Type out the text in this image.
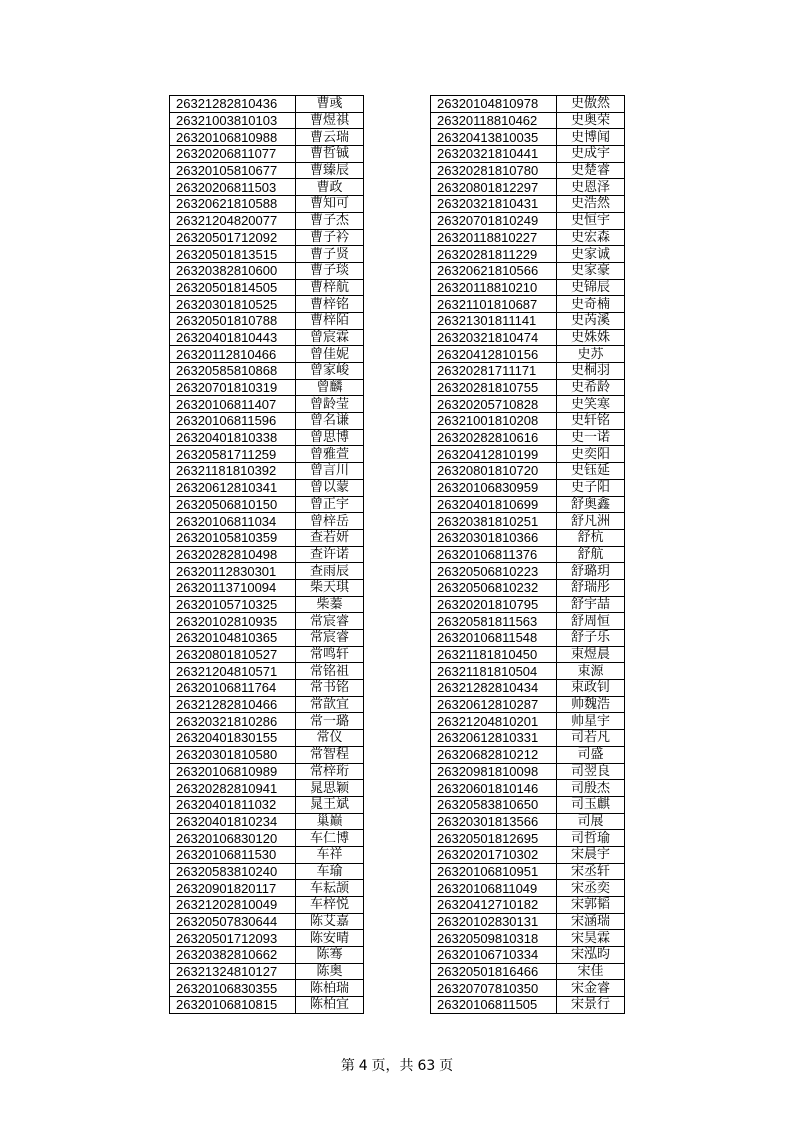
26321282810436	曹彧
26321003810103	曹煜祺
26320106810988	曹云瑞
26320206811077	曹哲铖
26320105810677	曹臻辰
26320206811503	曹政
26320621810588	曹知可
26321204820077	曹子杰
26320501712092	曹子衿
26320501813515	曹子贤
26320382810600	曹子琰
26320501814505	曹梓航
26320301810525	曹梓铭
26320501810788	曹梓陌
26320401810443	曾宸霖
26320112810466	曾佳妮
26320585810868	曾家峻
26320701810319	曾麟
26320106811407	曾龄莹
26320106811596	曾名谦
26320401810338	曾思博
26320581711259	曾雅萱
26321181810392	曾言川
26320612810341	曾以蒙
26320506810150	曾正宇
26320106811034	曾梓岳
26320105810359	查若妍
26320282810498	查许诺
26320112830301	查雨辰
26320113710094	柴天琪
26320105710325	柴蓁
26320102810935	常宸睿
26320104810365	常宸睿
26320801810527	常鸣轩
26321204810571	常铭祖
26320106811764	常书铭
26321282810466	常歆宜
26320321810286	常一璐
26320401830155	常仪
26320301810580	常智程
26320106810989	常梓珩
26320282810941	晁思颖
26320401811032	晁王斌
26320401810234	巢巅
26320106830120	车仁博
26320106811530	车祥
26320583810240	车瑜
26320901820117	车耘颉
26321202810049	车梓悦
26320507830644	陈艾嘉
26320501712093	陈安晴
26320382810662	陈骞
26321324810127	陈奥
26320106830355	陈柏瑞
26320106810815	陈柏宜
26320104810978	史傲然
26320118810462	史奥荣
26320413810035	史博闻
26320321810441	史成宇
26320281810780	史楚睿
26320801812297	史恩泽
26320321810431	史浩然
26320701810249	史恒宇
26320118810227	史宏森
26320281811229	史家诚
26320621810566	史家豪
26320118810210	史锦辰
26321101810687	史奇楠
26321301811141	史芮溪
26320321810474	史姝姝
26320412810156	史苏
26320281711171	史桐羽
26320281810755	史希龄
26320205710828	史笑寒
26321001810208	史轩铭
26320282810616	史一诺
26320412810199	史奕阳
26320801810720	史钰延
26320106830959	史子阳
26320401810699	舒奥鑫
26320381810251	舒凡洲
26320301810366	舒杭
26320106811376	舒航
26320506810223	舒璐玥
26320506810232	舒瑞彤
26320201810795	舒宇喆
26320581811563	舒周恒
26320106811548	舒子乐
26321181810450	束煜晨
26321181810504	束源
26321282810434	束政钊
26320612810287	帅魏浩
26321204810201	帅星宇
26320612810331	司若凡
26320682810212	司盛
26320981810098	司翌良
26320601810146	司殷杰
26320583810650	司玉麒
26320301813566	司展
26320501812695	司哲瑜
26320201710302	宋晨宇
26320106810951	宋丞轩
26320106811049	宋丞奕
26320412710182	宋郭韬
26320102830131	宋涵瑞
26320509810318	宋昊霖
26320106710334	宋泓昀
26320501816466	宋佳
26320707810350	宋金睿
26320106811505	宋景行
第 4 页，共 63 页
